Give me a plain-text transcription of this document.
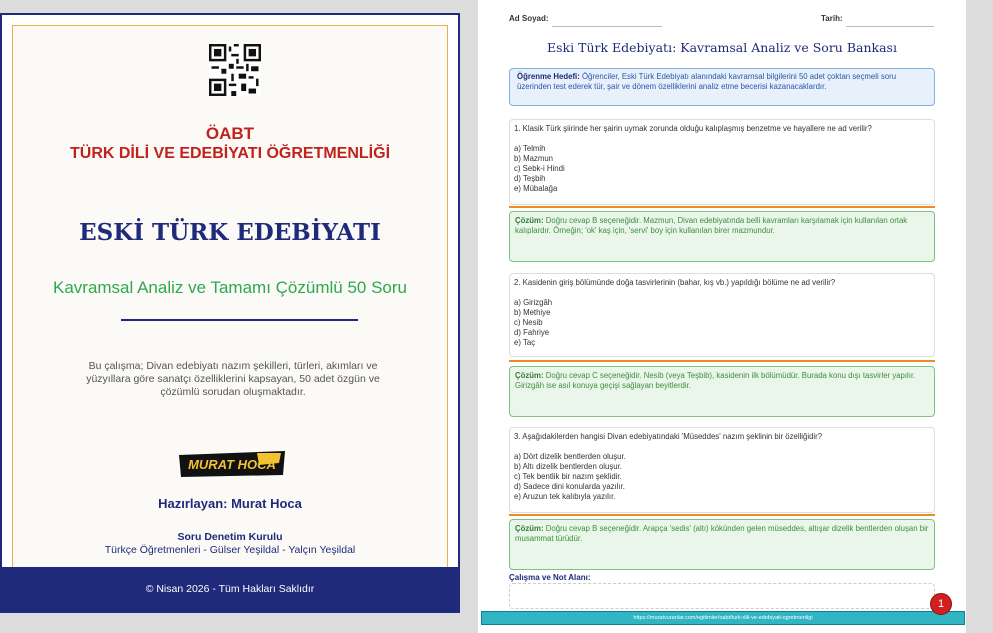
ÖABT
TÜRK DİLİ VE EDEBİYATI ÖĞRETMENLİĞİ
ESKİ TÜRK EDEBİYATI
Kavramsal Analiz ve Tamamı Çözümlü 50 Soru
Bu çalışma; Divan edebiyatı nazım şekilleri, türleri, akımları ve yüzyıllara göre sanatçı özelliklerini kapsayan, 50 adet özgün ve çözümlü sorudan oluşmaktadır.
MURAT HOCA
Hazırlayan: Murat Hoca
Soru Denetim Kurulu
Türkçe Öğretmenleri - Gülser Yeşildal - Yalçın Yeşildal
© Nisan 2026 - Tüm Hakları Saklıdır
Ad Soyad:	Tarih:
Eski Türk Edebiyatı: Kavramsal Analiz ve Soru Bankası
Öğrenme Hedefi: Öğrenciler, Eski Türk Edebiyatı alanındaki kavramsal bilgilerini 50 adet çoktan seçmeli soru üzerinden test ederek tür, şair ve dönem özelliklerini analiz etme becerisi kazanacaklardır.
1. Klasik Türk şiirinde her şairin uymak zorunda olduğu kalıplaşmış benzetme ve hayallere ne ad verilir?
a) Telmih
b) Mazmun
c) Sebk-i Hindi
d) Teşbih
e) Mübalağa
Çözüm: Doğru cevap B seçeneğidir. Mazmun, Divan edebiyatında belli kavramları karşılamak için kullanılan ortak kalıplardır. Örneğin; 'ok' kaş için, 'servi' boy için kullanılan birer mazmundur.
2. Kasidenin giriş bölümünde doğa tasvirlerinin (bahar, kış vb.) yapıldığı bölüme ne ad verilir?
a) Girizgâh
b) Methiye
c) Nesib
d) Fahriye
e) Taç
Çözüm: Doğru cevap C seçeneğidir. Nesib (veya Teşbib), kasidenin ilk bölümüdür. Burada konu dışı tasvirler yapılır. Girizgâh ise asıl konuya geçişi sağlayan beyitlerdir.
3. Aşağıdakilerden hangisi Divan edebiyatındaki 'Müseddes' nazım şeklinin bir özelliğidir?
a) Dört dizelik bentlerden oluşur.
b) Altı dizelik bentlerden oluşur.
c) Tek bentlik bir nazım şeklidir.
d) Sadece dini konularda yazılır.
e) Aruzun tek kalıbıyla yazılır.
Çözüm: Doğru cevap B seçeneğidir. Arapça 'sedis' (altı) kökünden gelen müseddes, altışar dizelik bentlerden oluşan bir musammat türüdür.
Çalışma ve Not Alanı:
https://muratvuranlar.com/egitimler/oabt/turk-dili-ve-edebiyati-ogretmenligi
1
